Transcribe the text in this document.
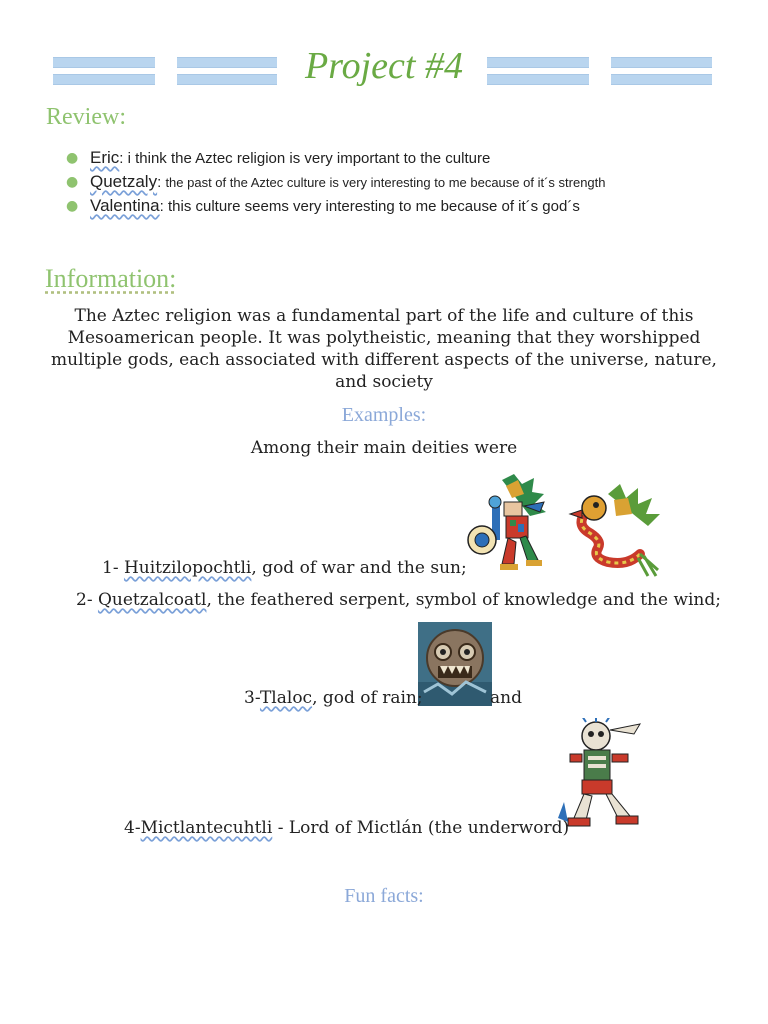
Project #4
Review:
● Eric: i think the Aztec religion is very important to the culture
● Quetzaly: the past of the Aztec culture is very interesting to me because of it´s strength
● Valentina: this culture seems very interesting to me because of it´s god´s
Information:
The Aztec religion was a fundamental part of the life and culture of this Mesoamerican people. It was polytheistic, meaning that they worshipped multiple gods, each associated with different aspects of the universe, nature, and society
Examples:
Among their main deities were
1- Huitzilopochtli, god of war and the sun;
2- Quetzalcoatl, the feathered serpent, symbol of knowledge and the wind;
3-Tlaloc, god of rain;	and
4-Mictlantecuhtli - Lord of Mictlán (the underword)
Fun facts:
